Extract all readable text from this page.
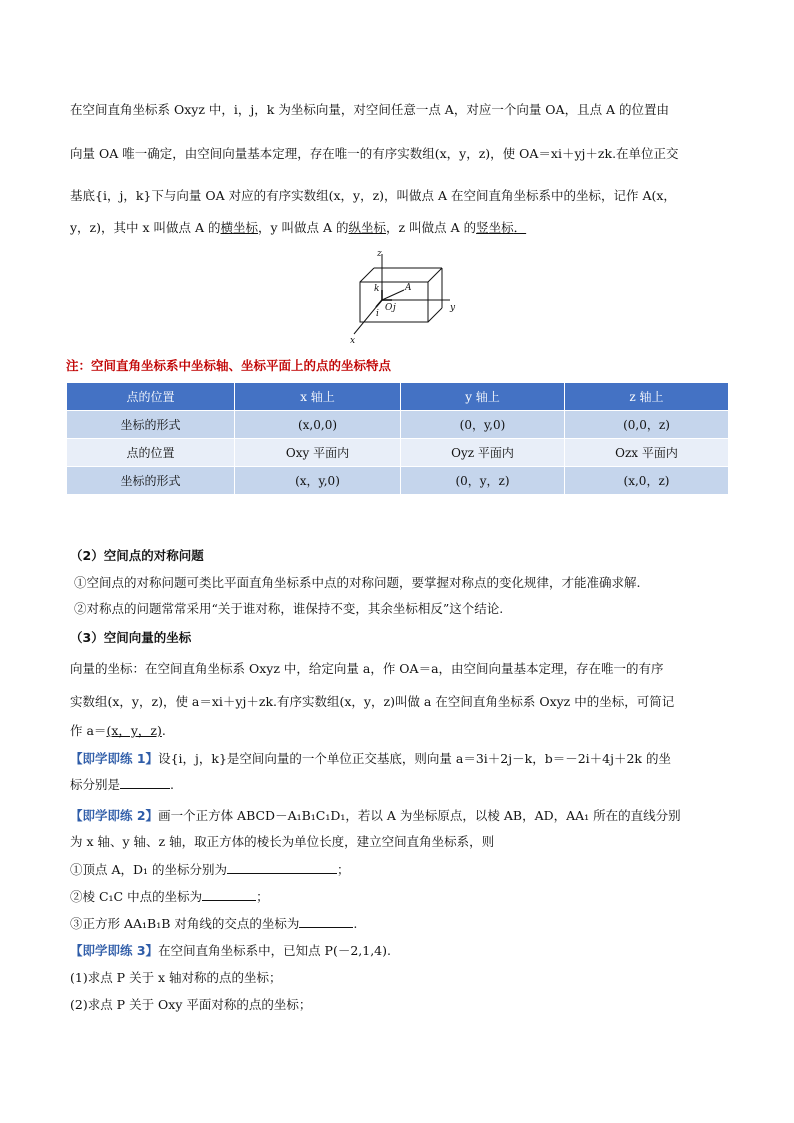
在空间直角坐标系 Oxyz 中，i，j，k 为坐标向量，对空间任意一点 A，对应一个向量 OA，且点 A 的位置由
向量 OA 唯一确定，由空间向量基本定理，存在唯一的有序实数组(x，y，z)，使 OA＝xi＋yj＋zk.在单位正交
基底{i，j，k}下与向量 OA 对应的有序实数组(x，y，z)，叫做点 A 在空间直角坐标系中的坐标，记作 A(x，
y，z)，其中 x 叫做点 A 的横坐标，y 叫做点 A 的纵坐标，z 叫做点 A 的竖坐标．
z
y
x
k	A
O j
i
注：空间直角坐标系中坐标轴、坐标平面上的点的坐标特点
点的位置	x 轴上	y 轴上	z 轴上
坐标的形式	(x,0,0)	(0，y,0)	(0,0，z)
点的位置	Oxy 平面内	Oyz 平面内	Ozx 平面内
坐标的形式	(x，y,0)	(0，y，z)	(x,0，z)
（2）空间点的对称问题
①空间点的对称问题可类比平面直角坐标系中点的对称问题，要掌握对称点的变化规律，才能准确求解.
②对称点的问题常常采用“关于谁对称，谁保持不变，其余坐标相反”这个结论.
（3）空间向量的坐标
向量的坐标：在空间直角坐标系 Oxyz 中，给定向量 a，作 OA＝a，由空间向量基本定理，存在唯一的有序
实数组(x，y，z)，使 a＝xi＋yj＋zk.有序实数组(x，y，z)叫做 a 在空间直角坐标系 Oxyz 中的坐标，可简记
作 a＝(x，y，z).
【即学即练 1】设{i，j，k}是空间向量的一个单位正交基底，则向量 a＝3i＋2j－k，b＝－2i＋4j＋2k 的坐
标分别是	.
【即学即练 2】画一个正方体 ABCD－A₁B₁C₁D₁，若以 A 为坐标原点，以棱 AB，AD，AA₁ 所在的直线分别
为 x 轴、y 轴、z 轴，取正方体的棱长为单位长度，建立空间直角坐标系，则
①顶点 A，D₁ 的坐标分别为	；
②棱 C₁C 中点的坐标为	；
③正方形 AA₁B₁B 对角线的交点的坐标为	.
【即学即练 3】在空间直角坐标系中，已知点 P(－2,1,4).
(1)求点 P 关于 x 轴对称的点的坐标；
(2)求点 P 关于 Oxy 平面对称的点的坐标；
